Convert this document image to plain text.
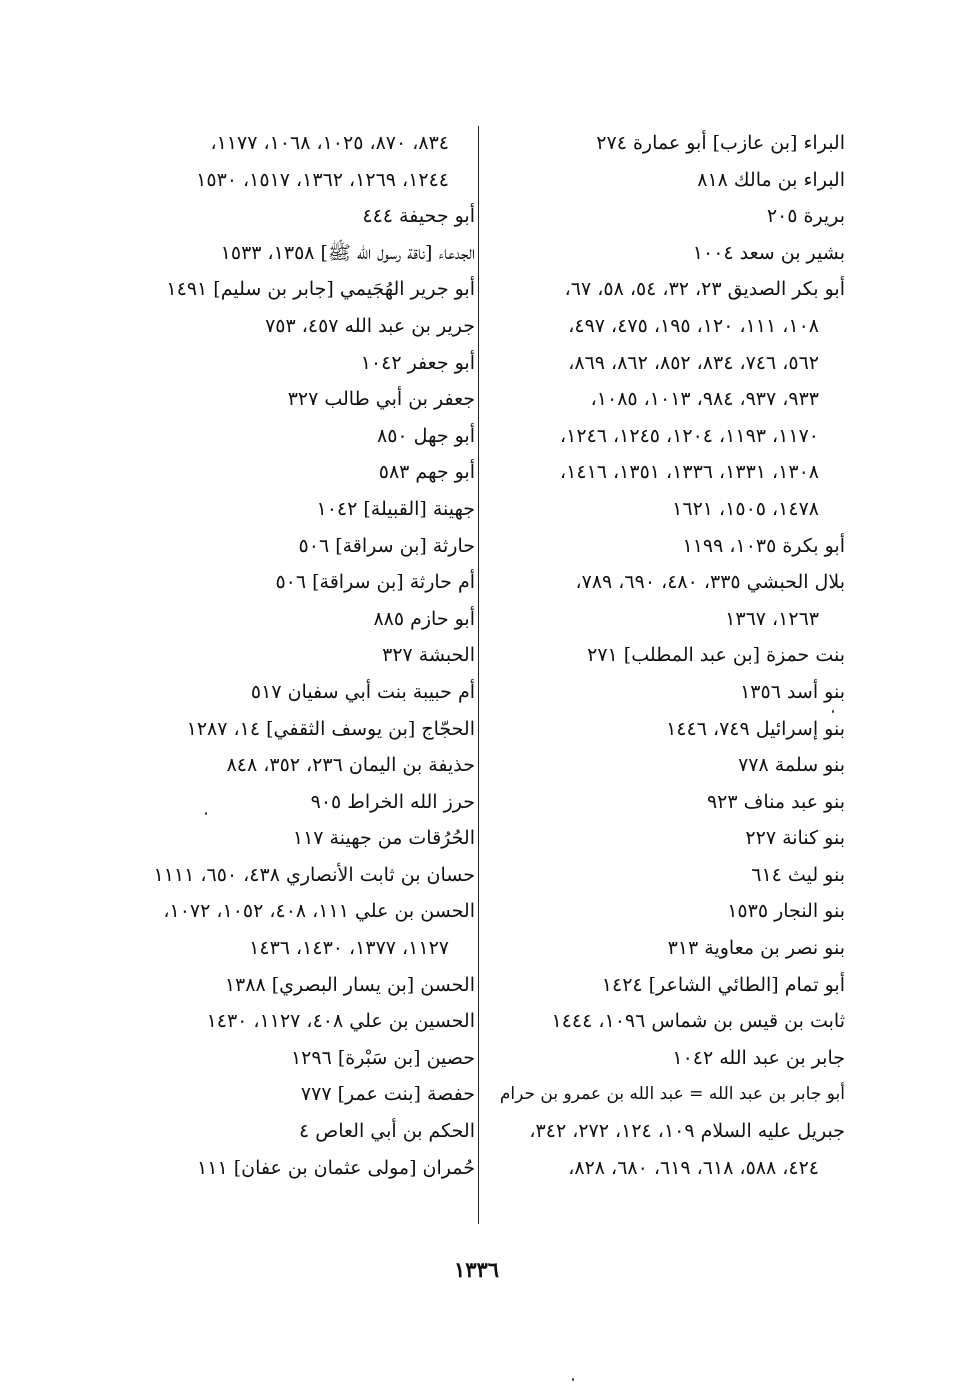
البراء [بن عازب] أبو عمارة ٢٧٤
البراء بن مالك ٨١٨
بريرة ٢٠٥
بشير بن سعد ١٠٠٤
أبو بكر الصديق ٢٣، ٣٢، ٥٤، ٥٨، ٦٧،
١٠٨، ١١١، ١٢٠، ١٩٥، ٤٧٥، ٤٩٧،
٥٦٢، ٧٤٦، ٨٣٤، ٨٥٢، ٨٦٢، ٨٦٩،
٩٣٣، ٩٣٧، ٩٨٤، ١٠١٣، ١٠٨٥،
١١٧٠، ١١٩٣، ١٢٠٤، ١٢٤٥، ١٢٤٦،
١٣٠٨، ١٣٣١، ١٣٣٦، ١٣٥١، ١٤١٦،
١٤٧٨، ١٥٠٥، ١٦٢١
أبو بكرة ١٠٣٥، ١١٩٩
بلال الحبشي ٣٣٥، ٤٨٠، ٦٩٠، ٧٨٩،
١٢٦٣، ١٣٦٧
بنت حمزة [بن عبد المطلب] ٢٧١
بنو أسد ١٣٥٦
بنو إسرائيل ٧٤٩، ١٤٤٦
بنو سلمة ٧٧٨
بنو عبد مناف ٩٢٣
بنو كنانة ٢٢٧
بنو ليث ٦١٤
بنو النجار ١٥٣٥
بنو نصر بن معاوية ٣١٣
أبو تمام [الطائي الشاعر] ١٤٢٤
ثابت بن قيس بن شماس ١٠٩٦، ١٤٤٤
جابر بن عبد الله ١٠٤٢
أبو جابر بن عبد الله = عبد الله بن عمرو بن حرام
جبريل عليه السلام ١٠٩، ١٢٤، ٢٧٢، ٣٤٢،
٤٢٤، ٥٨٨، ٦١٨، ٦١٩، ٦٨٠، ٨٢٨،
٨٣٤، ٨٧٠، ١٠٢٥، ١٠٦٨، ١١٧٧،
١٢٤٤، ١٢٦٩، ١٣٦٢، ١٥١٧، ١٥٣٠
أبو جحيفة ٤٤٤
الجدعاء [ناقة رسول الله ﷺ] ١٣٥٨، ١٥٣٣
أبو جرير الهُجَيمي [جابر بن سليم] ١٤٩١
جرير بن عبد الله ٤٥٧، ٧٥٣
أبو جعفر ١٠٤٢
جعفر بن أبي طالب ٣٢٧
أبو جهل ٨٥٠
أبو جهم ٥٨٣
جهينة [القبيلة] ١٠٤٢
حارثة [بن سراقة] ٥٠٦
أم حارثة [بن سراقة] ٥٠٦
أبو حازم ٨٨٥
الحبشة ٣٢٧
أم حبيبة بنت أبي سفيان ٥١٧
الحجّاج [بن يوسف الثقفي] ١٤، ١٢٨٧
حذيفة بن اليمان ٢٣٦، ٣٥٢، ٨٤٨
حرز الله الخراط ٩٠٥
الحُرُقات من جهينة ١١٧
حسان بن ثابت الأنصاري ٤٣٨، ٦٥٠، ١١١١
الحسن بن علي ١١١، ٤٠٨، ١٠٥٢، ١٠٧٢،
١١٢٧، ١٣٧٧، ١٤٣٠، ١٤٣٦
الحسن [بن يسار البصري] ١٣٨٨
الحسين بن علي ٤٠٨، ١١٢٧، ١٤٣٠
حصين [بن سَبْرة] ١٢٩٦
حفصة [بنت عمر] ٧٧٧
الحكم بن أبي العاص ٤
حُمران [مولى عثمان بن عفان] ١١١
١٣٣٦
